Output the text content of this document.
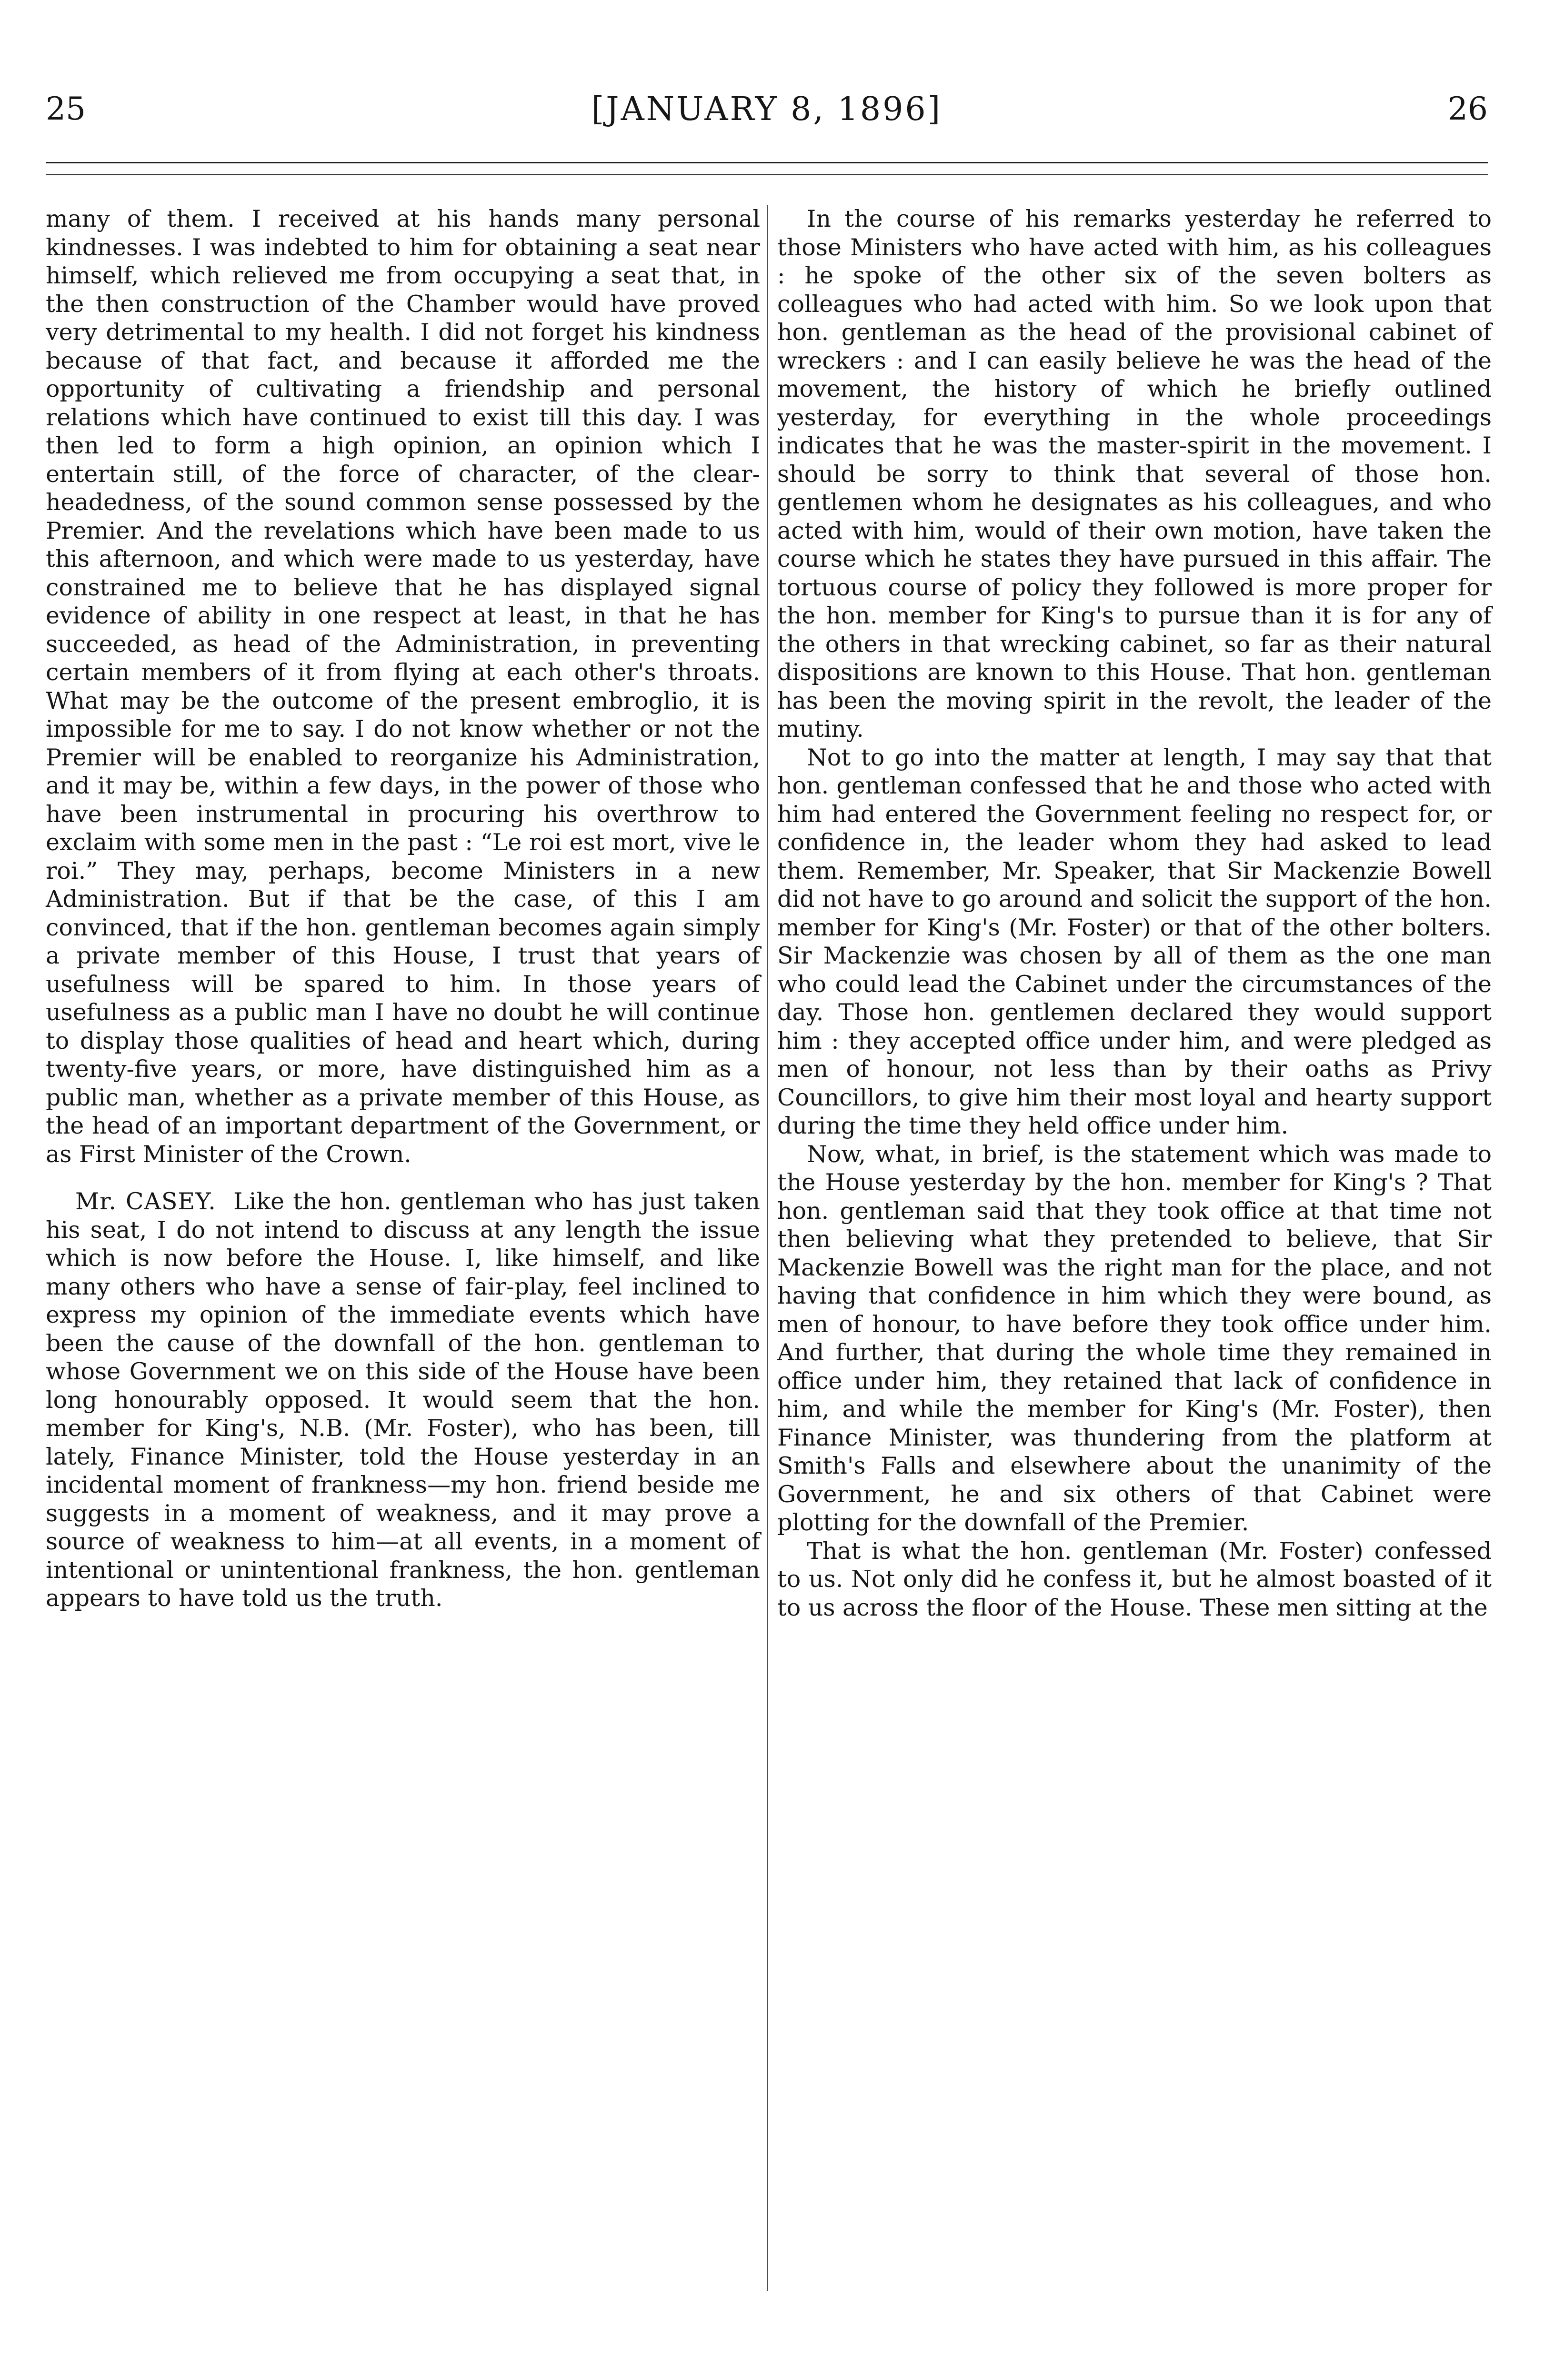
25	[JANUARY 8, 1896]	26

many of them. I received at his hands many personal kindnesses. I was indebted to him for obtaining a seat near himself, which relieved me from occupying a seat that, in the then construction of the Chamber would have proved very detrimental to my health. I did not forget his kindness because of that fact, and because it afforded me the opportunity of cultivating a friendship and personal relations which have continued to exist till this day. I was then led to form a high opinion, an opinion which I entertain still, of the force of character, of the clear-headedness, of the sound common sense possessed by the Premier. And the revelations which have been made to us this afternoon, and which were made to us yesterday, have constrained me to believe that he has displayed signal evidence of ability in one respect at least, in that he has succeeded, as head of the Administration, in preventing certain members of it from flying at each other's throats. What may be the outcome of the present embroglio, it is impossible for me to say. I do not know whether or not the Premier will be enabled to reorganize his Administration, and it may be, within a few days, in the power of those who have been instrumental in procuring his overthrow to exclaim with some men in the past : “Le roi est mort, vive le roi.” They may, perhaps, become Ministers in a new Administration. But if that be the case, of this I am convinced, that if the hon. gentleman becomes again simply a private member of this House, I trust that years of usefulness will be spared to him. In those years of usefulness as a public man I have no doubt he will continue to display those qualities of head and heart which, during twenty-five years, or more, have distinguished him as a public man, whether as a private member of this House, as the head of an important department of the Government, or as First Minister of the Crown.

Mr. CASEY. Like the hon. gentleman who has just taken his seat, I do not intend to discuss at any length the issue which is now before the House. I, like himself, and like many others who have a sense of fair-play, feel inclined to express my opinion of the immediate events which have been the cause of the downfall of the hon. gentleman to whose Government we on this side of the House have been long honourably opposed. It would seem that the hon. member for King's, N.B. (Mr. Foster), who has been, till lately, Finance Minister, told the House yesterday in an incidental moment of frankness—my hon. friend beside me suggests in a moment of weakness, and it may prove a source of weakness to him—at all events, in a moment of intentional or unintentional frankness, the hon. gentleman appears to have told us the truth.

In the course of his remarks yesterday he referred to those Ministers who have acted with him, as his colleagues : he spoke of the other six of the seven bolters as colleagues who had acted with him. So we look upon that hon. gentleman as the head of the provisional cabinet of wreckers : and I can easily believe he was the head of the movement, the history of which he briefly outlined yesterday, for everything in the whole proceedings indicates that he was the master-spirit in the movement. I should be sorry to think that several of those hon. gentlemen whom he designates as his colleagues, and who acted with him, would of their own motion, have taken the course which he states they have pursued in this affair. The tortuous course of policy they followed is more proper for the hon. member for King's to pursue than it is for any of the others in that wrecking cabinet, so far as their natural dispositions are known to this House. That hon. gentleman has been the moving spirit in the revolt, the leader of the mutiny.

Not to go into the matter at length, I may say that that hon. gentleman confessed that he and those who acted with him had entered the Government feeling no respect for, or confidence in, the leader whom they had asked to lead them. Remember, Mr. Speaker, that Sir Mackenzie Bowell did not have to go around and solicit the support of the hon. member for King's (Mr. Foster) or that of the other bolters. Sir Mackenzie was chosen by all of them as the one man who could lead the Cabinet under the circumstances of the day. Those hon. gentlemen declared they would support him : they accepted office under him, and were pledged as men of honour, not less than by their oaths as Privy Councillors, to give him their most loyal and hearty support during the time they held office under him.

Now, what, in brief, is the statement which was made to the House yesterday by the hon. member for King's ? That hon. gentleman said that they took office at that time not then believing what they pretended to believe, that Sir Mackenzie Bowell was the right man for the place, and not having that confidence in him which they were bound, as men of honour, to have before they took office under him. And further, that during the whole time they remained in office under him, they retained that lack of confidence in him, and while the member for King's (Mr. Foster), then Finance Minister, was thundering from the platform at Smith's Falls and elsewhere about the unanimity of the Government, he and six others of that Cabinet were plotting for the downfall of the Premier.

That is what the hon. gentleman (Mr. Foster) confessed to us. Not only did he confess it, but he almost boasted of it to us across the floor of the House. These men sitting at the
